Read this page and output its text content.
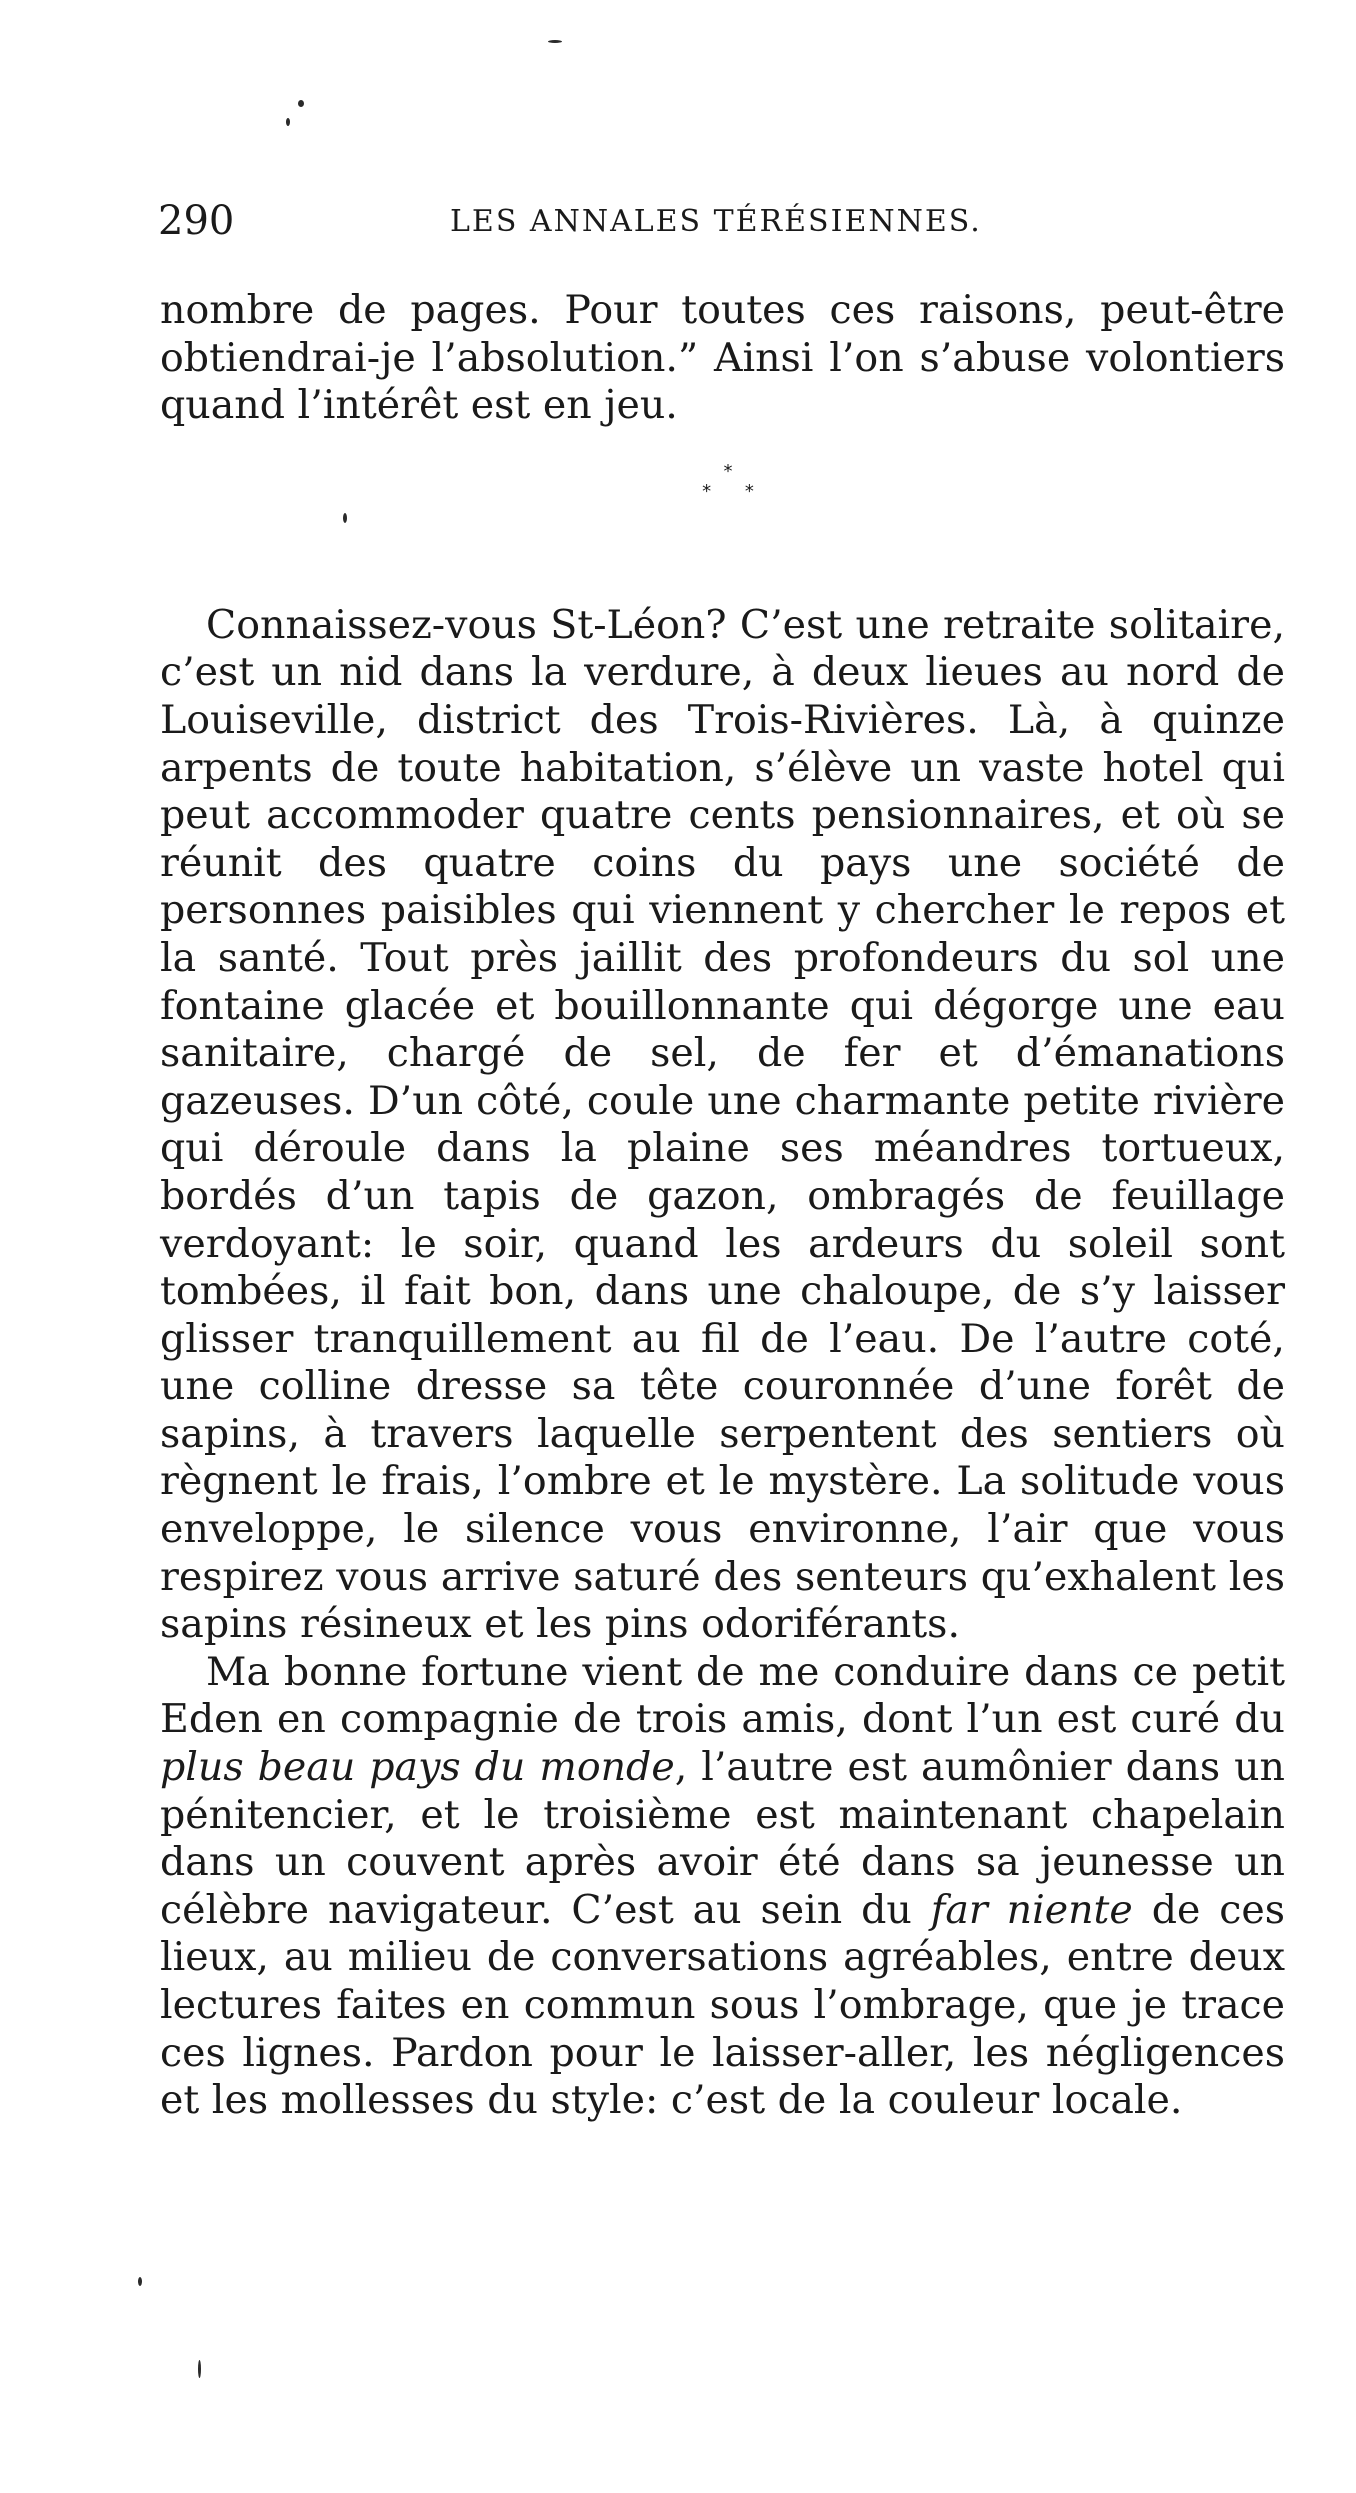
290	LES ANNALES TÉRÉSIENNES.

nombre de pages. Pour toutes ces raisons, peut-être obtiendrai-je l’absolution.” Ainsi l’on s’abuse volontiers quand l’intérêt est en jeu.

*
* *

Connaissez-vous St-Léon? C’est une retraite solitaire, c’est un nid dans la verdure, à deux lieues au nord de Louiseville, district des Trois-Rivières. Là, à quinze arpents de toute habitation, s’élève un vaste hotel qui peut accommoder quatre cents pensionnaires, et où se réunit des quatre coins du pays une société de personnes paisibles qui viennent y chercher le repos et la santé. Tout près jaillit des profondeurs du sol une fontaine glacée et bouillonnante qui dégorge une eau sanitaire, chargé de sel, de fer et d’émanations gazeuses. D’un côté, coule une charmante petite rivière qui déroule dans la plaine ses méandres tortueux, bordés d’un tapis de gazon, ombragés de feuillage verdoyant: le soir, quand les ardeurs du soleil sont tombées, il fait bon, dans une chaloupe, de s’y laisser glisser tranquillement au fil de l’eau. De l’autre coté, une colline dresse sa tête couronnée d’une forêt de sapins, à travers laquelle serpentent des sentiers où règnent le frais, l’ombre et le mystère. La solitude vous enveloppe, le silence vous environne, l’air que vous respirez vous arrive saturé des senteurs qu’exhalent les sapins résineux et les pins odoriférants.

Ma bonne fortune vient de me conduire dans ce petit Eden en compagnie de trois amis, dont l’un est curé du plus beau pays du monde, l’autre est aumônier dans un pénitencier, et le troisième est maintenant chapelain dans un couvent après avoir été dans sa jeunesse un célèbre navigateur. C’est au sein du far niente de ces lieux, au milieu de conversations agréables, entre deux lectures faites en commun sous l’ombrage, que je trace ces lignes. Pardon pour le laisser-aller, les négligences et les mollesses du style: c’est de la couleur locale.
